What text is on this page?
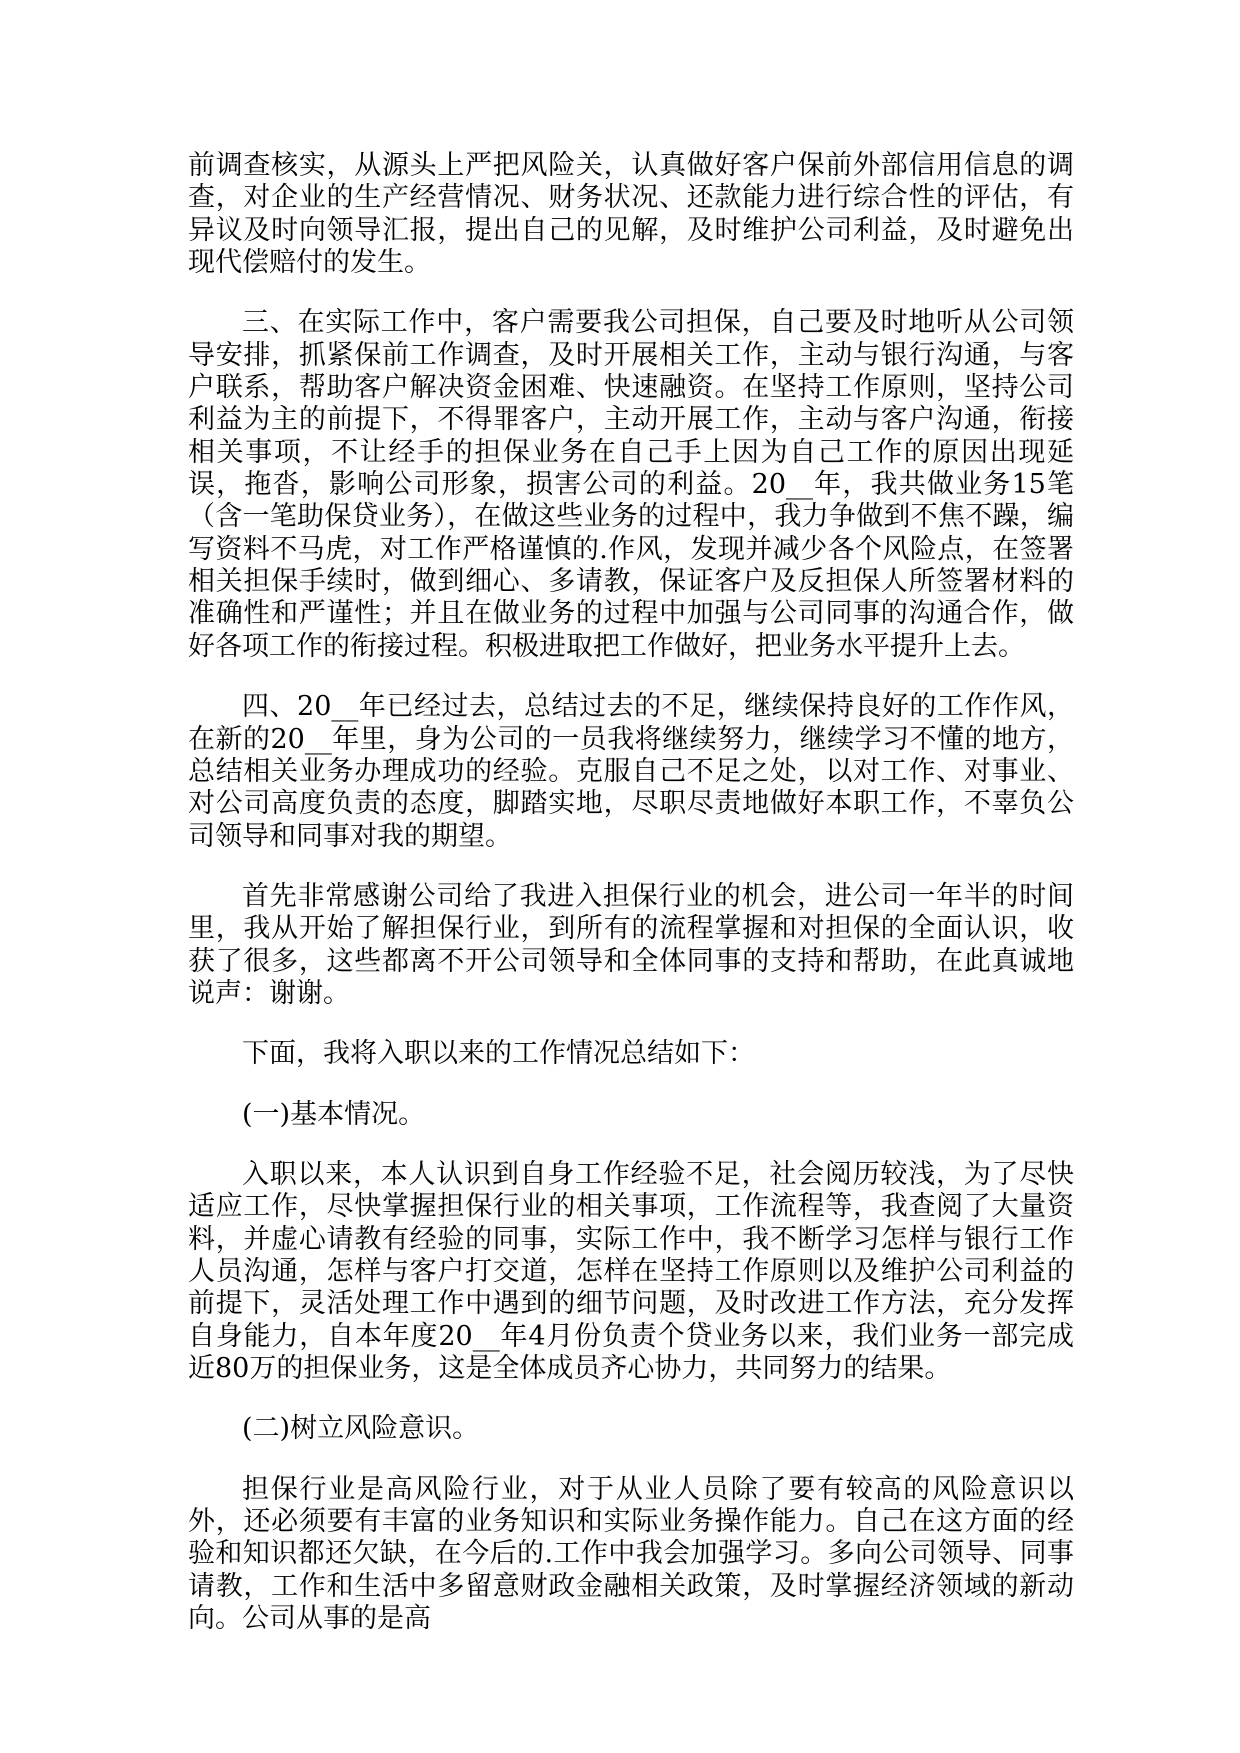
前调查核实，从源头上严把风险关，认真做好客户保前外部信用信息的调查，对企业的生产经营情况、财务状况、还款能力进行综合性的评估，有异议及时向领导汇报，提出自己的见解，及时维护公司利益，及时避免出现代偿赔付的发生。

三、在实际工作中，客户需要我公司担保，自己要及时地听从公司领导安排，抓紧保前工作调查，及时开展相关工作，主动与银行沟通，与客户联系，帮助客户解决资金困难、快速融资。在坚持工作原则，坚持公司利益为主的前提下，不得罪客户，主动开展工作，主动与客户沟通，衔接相关事项，不让经手的担保业务在自己手上因为自己工作的原因出现延误，拖沓，影响公司形象，损害公司的利益。20__年，我共做业务15笔（含一笔助保贷业务），在做这些业务的过程中，我力争做到不焦不躁，编写资料不马虎，对工作严格谨慎的.作风，发现并减少各个风险点，在签署相关担保手续时，做到细心、多请教，保证客户及反担保人所签署材料的准确性和严谨性；并且在做业务的过程中加强与公司同事的沟通合作，做好各项工作的衔接过程。积极进取把工作做好，把业务水平提升上去。

四、20__年已经过去，总结过去的不足，继续保持良好的工作作风，在新的20__年里，身为公司的一员我将继续努力，继续学习不懂的地方，总结相关业务办理成功的经验。克服自己不足之处，以对工作、对事业、对公司高度负责的态度，脚踏实地，尽职尽责地做好本职工作，不辜负公司领导和同事对我的期望。

首先非常感谢公司给了我进入担保行业的机会，进公司一年半的时间里，我从开始了解担保行业，到所有的流程掌握和对担保的全面认识，收获了很多，这些都离不开公司领导和全体同事的支持和帮助，在此真诚地说声：谢谢。

下面，我将入职以来的工作情况总结如下：

(一)基本情况。

入职以来，本人认识到自身工作经验不足，社会阅历较浅，为了尽快适应工作，尽快掌握担保行业的相关事项，工作流程等，我查阅了大量资料，并虚心请教有经验的同事，实际工作中，我不断学习怎样与银行工作人员沟通，怎样与客户打交道，怎样在坚持工作原则以及维护公司利益的前提下，灵活处理工作中遇到的细节问题，及时改进工作方法，充分发挥自身能力，自本年度20__年4月份负责个贷业务以来，我们业务一部完成近80万的担保业务，这是全体成员齐心协力，共同努力的结果。

(二)树立风险意识。

担保行业是高风险行业，对于从业人员除了要有较高的风险意识以外，还必须要有丰富的业务知识和实际业务操作能力。自己在这方面的经验和知识都还欠缺，在今后的.工作中我会加强学习。多向公司领导、同事请教，工作和生活中多留意财政金融相关政策，及时掌握经济领域的新动向。公司从事的是高
